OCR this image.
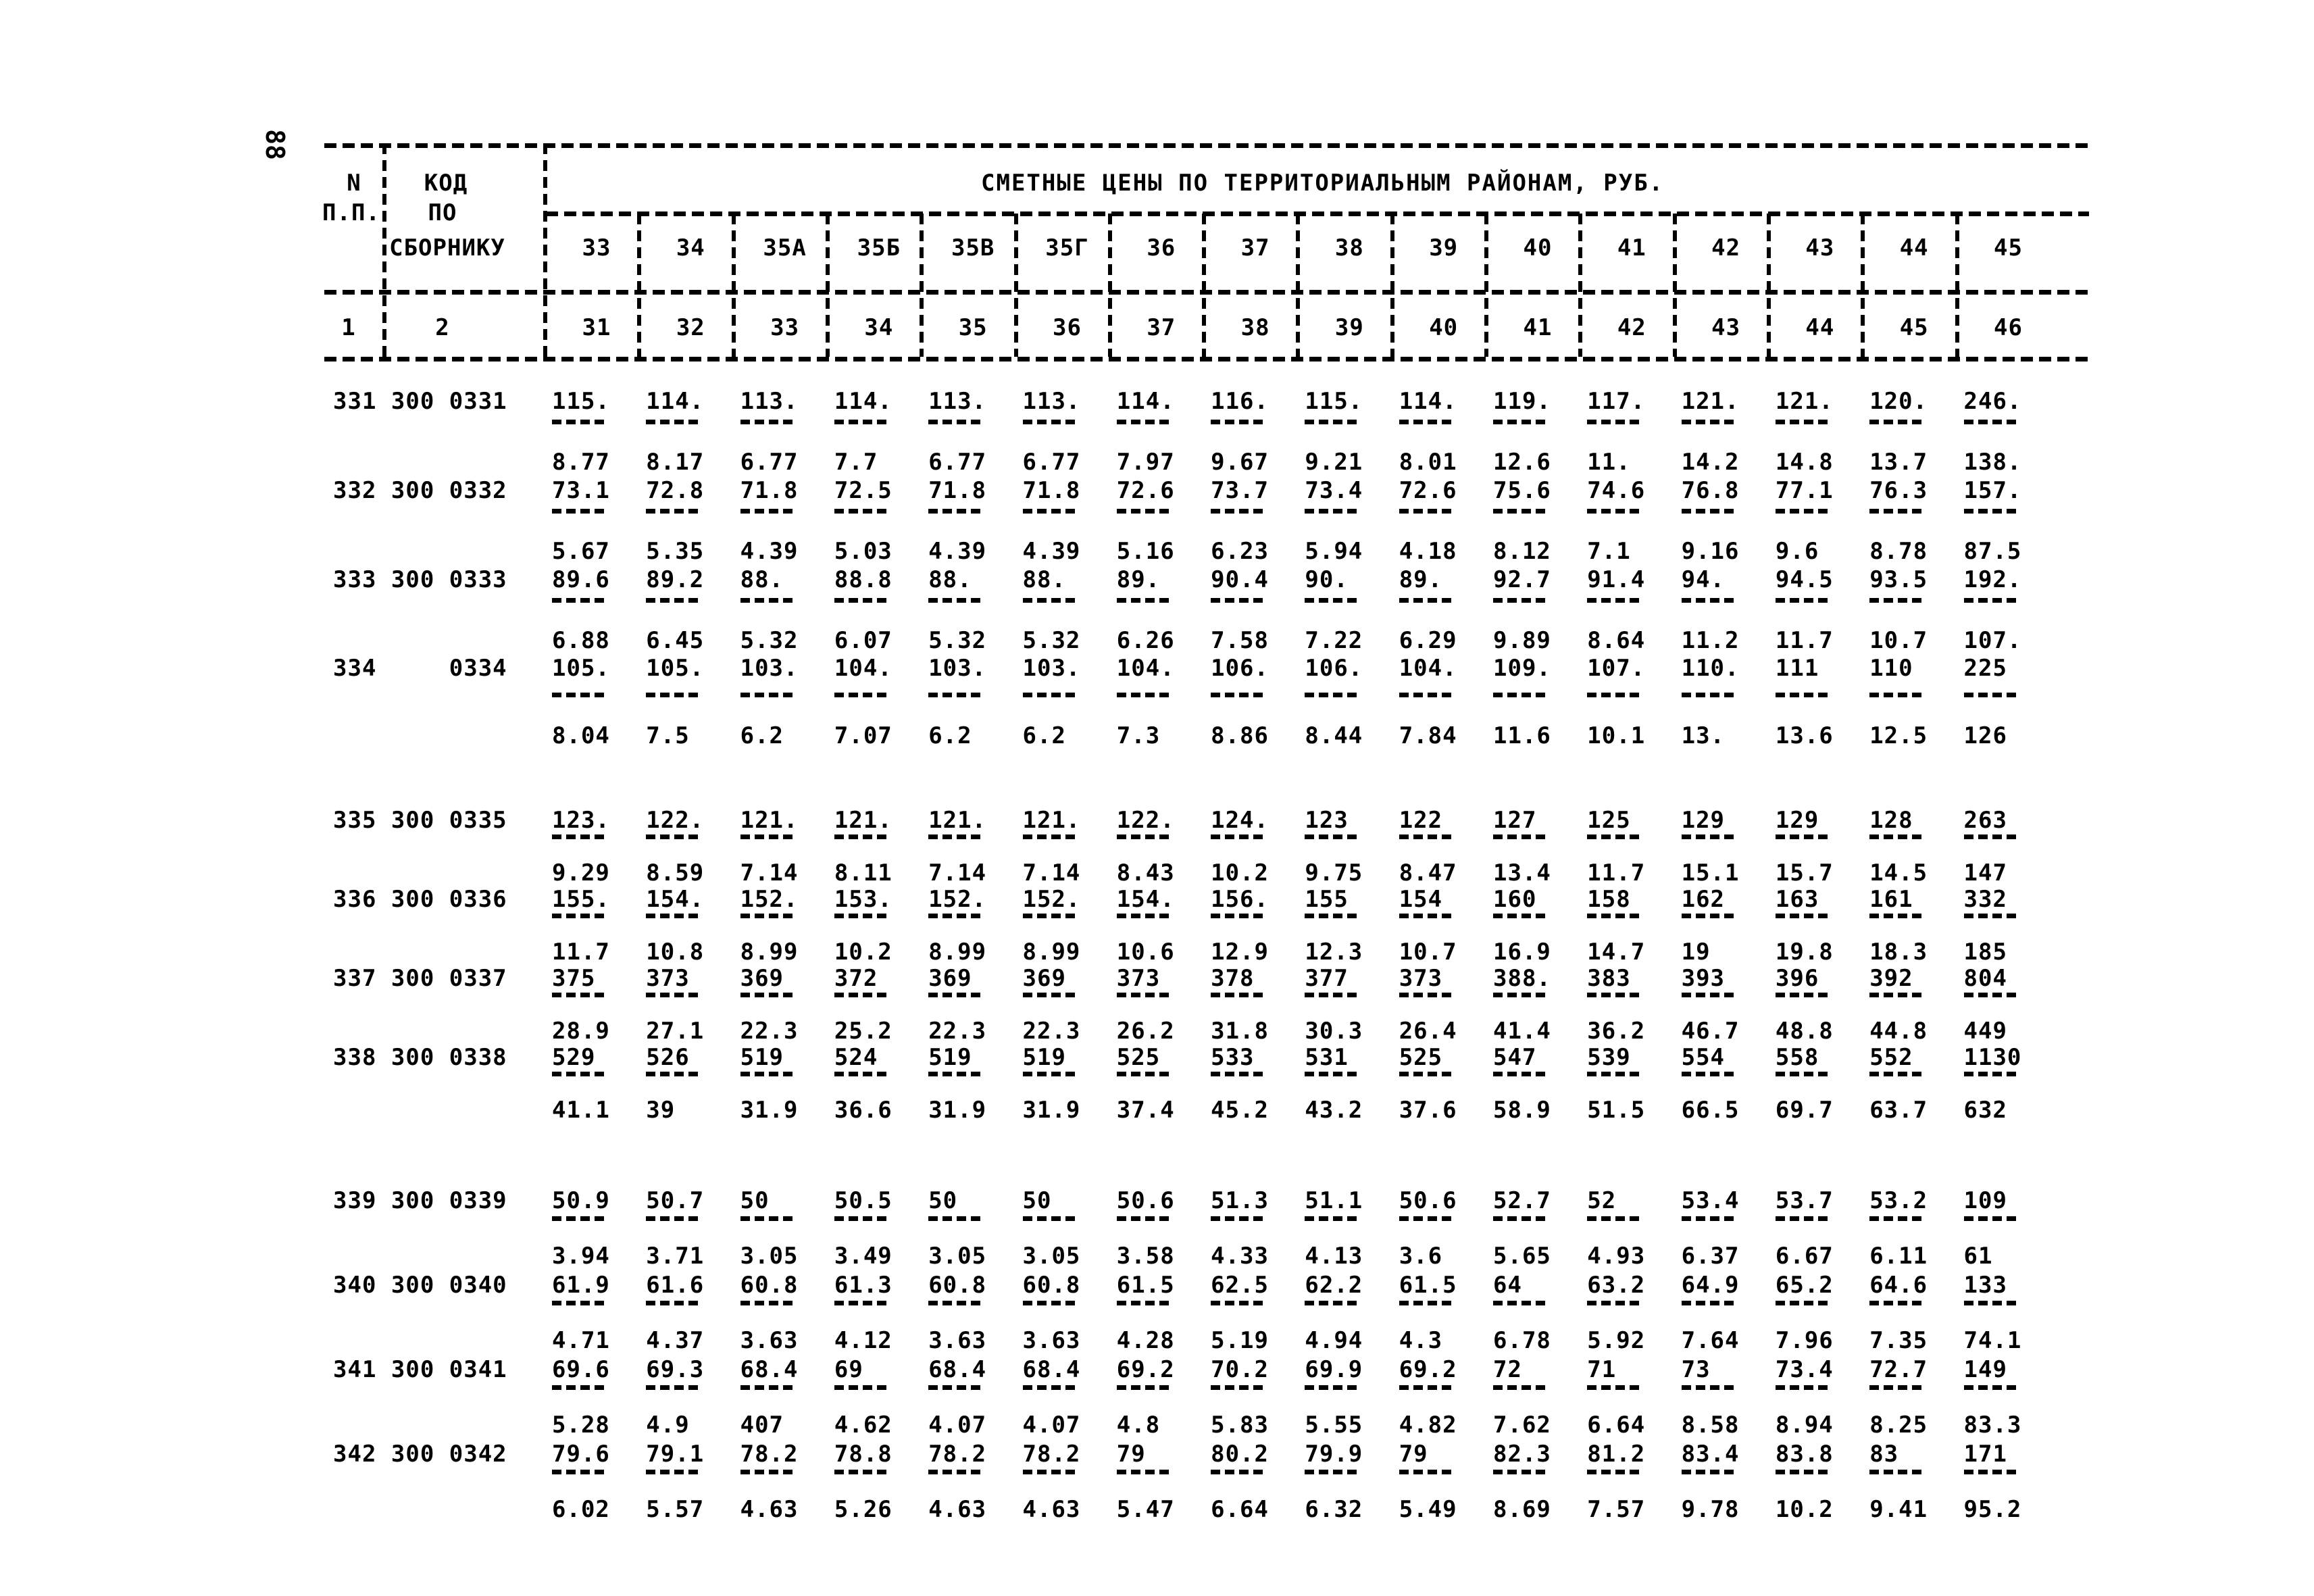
88
N
П.П.
КОД
ПО
СБОРНИКУ
СМЕТНЫЕ ЦЕНЫ ПО ТЕРРИТОРИАЛЬНЫМ РАЙОНАМ, РУБ.
33	34	35А 35Б 35В 35Г	36	37	38	39	40	41	42	43	44	45
1	2	31	32	33	34	35	36	37	38	39	40	41	42	43	44	45	46
331 300 0331 115. 114. 113. 114. 113. 113. 114. 116. 115. 114. 119. 117. 121. 121. 120. 246.
8.77 8.17 6.77 7.7 6.77 6.77 7.97 9.67 9.21 8.01 12.6 11. 14.2 14.8 13.7 138.
332 300 0332 73.1 72.8 71.8 72.5 71.8 71.8 72.6 73.7 73.4 72.6 75.6 74.6 76.8 77.1 76.3 157.
5.67 5.35 4.39 5.03 4.39 4.39 5.16 6.23 5.94 4.18 8.12 7.1 9.16 9.6 8.78 87.5
333 300 0333 89.6 89.2 88. 88.8 88. 88. 89. 90.4 90. 89. 92.7 91.4 94. 94.5 93.5 192.
6.88 6.45 5.32 6.07 5.32 5.32 6.26 7.58 7.22 6.29 9.89 8.64 11.2 11.7 10.7 107.
334     0334 105. 105. 103. 104. 103. 103. 104. 106. 106. 104. 109. 107. 110. 111 110 225
8.04 7.5 6.2 7.07 6.2 6.2 7.3 8.86 8.44 7.84 11.6 10.1 13. 13.6 12.5 126
335 300 0335 123. 122. 121. 121. 121. 121. 122. 124. 123 122 127 125 129 129 128 263
9.29 8.59 7.14 8.11 7.14 7.14 8.43 10.2 9.75 8.47 13.4 11.7 15.1 15.7 14.5 147
336 300 0336 155. 154. 152. 153. 152. 152. 154. 156. 155 154 160 158 162 163 161 332
11.7 10.8 8.99 10.2 8.99 8.99 10.6 12.9 12.3 10.7 16.9 14.7 19	19.8 18.3 185
337 300 0337 375 373 369 372 369 369 373 378 377 373 388. 383 393 396 392 804
28.9 27.1 22.3 25.2 22.3 22.3 26.2 31.8 30.3 26.4 41.4 36.2 46.7 48.8 44.8 449
338 300 0338 529 526 519 524 519 519 525 533 531 525 547 539 554 558 552 1130
41.1 39	31.9 36.6 31.9 31.9 37.4 45.2 43.2 37.6 58.9 51.5 66.5 69.7 63.7 632
339 300 0339 50.9 50.7 50	50.5 50	50	50.6 51.3 51.1 50.6 52.7 52	53.4 53.7 53.2 109
3.94 3.71 3.05 3.49 3.05 3.05 3.58 4.33 4.13 3.6 5.65 4.93 6.37 6.67 6.11 61
340 300 0340 61.9 61.6 60.8 61.3 60.8 60.8 61.5 62.5 62.2 61.5 64	63.2 64.9 65.2 64.6 133
4.71 4.37 3.63 4.12 3.63 3.63 4.28 5.19 4.94 4.3 6.78 5.92 7.64 7.96 7.35 74.1
341 300 0341 69.6 69.3 68.4 69	68.4 68.4 69.2 70.2 69.9 69.2 72	71	73	73.4 72.7 149
5.28 4.9 407 4.62 4.07 4.07 4.8 5.83 5.55 4.82 7.62 6.64 8.58 8.94 8.25 83.3
342 300 0342 79.6 79.1 78.2 78.8 78.2 78.2 79	80.2 79.9 79	82.3 81.2 83.4 83.8 83	171
6.02 5.57 4.63 5.26 4.63 4.63 5.47 6.64 6.32 5.49 8.69 7.57 9.78 10.2 9.41 95.2
